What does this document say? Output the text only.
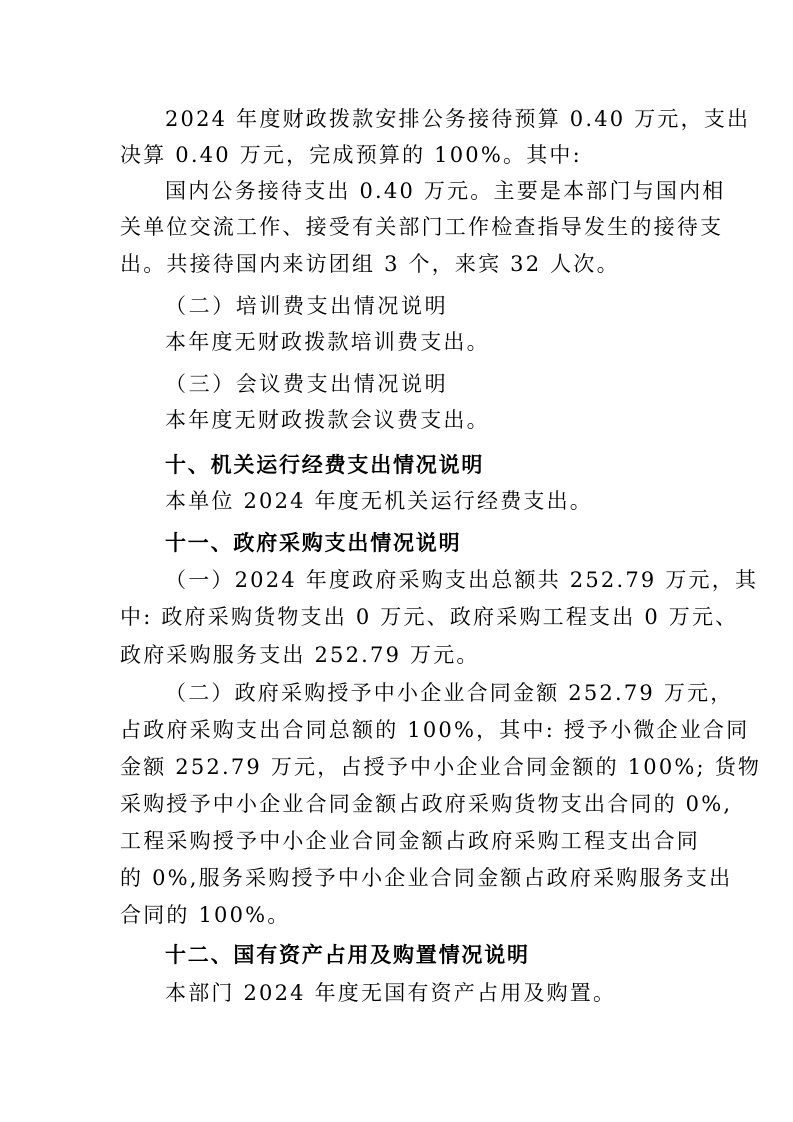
2024 年度财政拨款安排公务接待预算 0.40 万元，支出
决算 0.40 万元，完成预算的 100%。其中:
国内公务接待支出 0.40 万元。主要是本部门与国内相
关单位交流工作、接受有关部门工作检查指导发生的接待支
出。共接待国内来访团组 3 个，来宾 32 人次。
（二）培训费支出情况说明
本年度无财政拨款培训费支出。
（三）会议费支出情况说明
本年度无财政拨款会议费支出。
十、机关运行经费支出情况说明
本单位 2024 年度无机关运行经费支出。
十一、政府采购支出情况说明
（一）2024 年度政府采购支出总额共 252.79 万元，其
中: 政府采购货物支出 0 万元、政府采购工程支出 0 万元、
政府采购服务支出 252.79 万元。
（二）政府采购授予中小企业合同金额 252.79 万元，
占政府采购支出合同总额的 100%，其中: 授予小微企业合同
金额 252.79 万元，占授予中小企业合同金额的 100%; 货物
采购授予中小企业合同金额占政府采购货物支出合同的 0%,
工程采购授予中小企业合同金额占政府采购工程支出合同
的 0%,服务采购授予中小企业合同金额占政府采购服务支出
合同的 100%。
十二、国有资产占用及购置情况说明
本部门 2024 年度无国有资产占用及购置。
